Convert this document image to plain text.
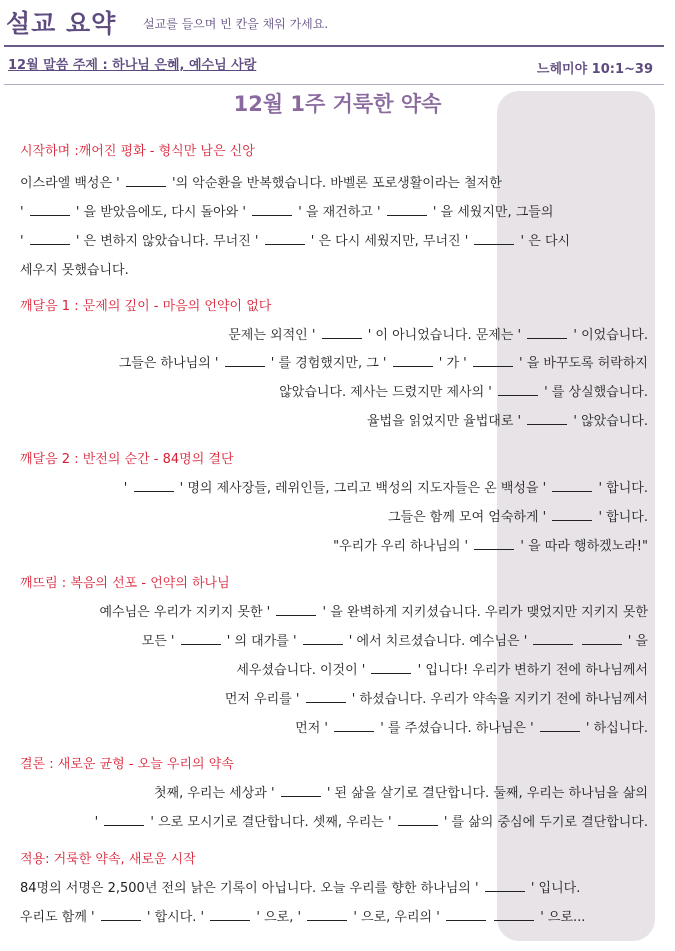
설교 요약 설교를 들으며 빈 칸을 채워 가세요.
12월 말씀 주제 : 하나님 은혜, 예수님 사랑	느헤미야 10:1~39
12월 1주 거룩한 약속
시작하며 :깨어진 평화 - 형식만 남은 신앙
이스라엘 백성은 '	'의 악순환을 반복했습니다. 바벨론 포로생활이라는 철저한
'	' 을 받았음에도, 다시 돌아와 '	' 을 재건하고 '	' 을 세웠지만, 그들의
'	' 은 변하지 않았습니다. 무너진 '	' 은 다시 세웠지만, 무너진 '	' 은 다시
세우지 못했습니다.
깨달음 1 : 문제의 깊이 - 마음의 언약이 없다
문제는 외적인 '	' 이 아니었습니다. 문제는 '	' 이었습니다.
그들은 하나님의 '	' 를 경험했지만, 그 '	' 가 '	' 을 바꾸도록 허락하지
않았습니다. 제사는 드렸지만 제사의 '	' 를 상실했습니다.
율법을 읽었지만 율법대로 '	' 않았습니다.
깨달음 2 : 반전의 순간 - 84명의 결단
'	' 명의 제사장들, 레위인들, 그리고 백성의 지도자들은 온 백성을 '	' 합니다.
그들은 함께 모여 엄숙하게 '	' 합니다.
"우리가 우리 하나님의 '	' 을 따라 행하겠노라!"
깨뜨림 : 복음의 선포 - 언약의 하나님
예수님은 우리가 지키지 못한 '	' 을 완벽하게 지키셨습니다. 우리가 맺었지만 지키지 못한
모든 '	' 의 대가를 '	' 에서 치르셨습니다. 예수님은 '	' 을
세우셨습니다. 이것이 '	' 입니다! 우리가 변하기 전에 하나님께서
먼저 우리를 '	' 하셨습니다. 우리가 약속을 지키기 전에 하나님께서
먼저 '	' 를 주셨습니다. 하나님은 '	' 하십니다.
결론 : 새로운 균형 - 오늘 우리의 약속
첫째, 우리는 세상과 '	' 된 삶을 살기로 결단합니다. 둘째, 우리는 하나님을 삶의
'	' 으로 모시기로 결단합니다. 셋째, 우리는 '	' 를 삶의 중심에 두기로 결단합니다.
적용: 거룩한 약속, 새로운 시작
84명의 서명은 2,500년 전의 낡은 기록이 아닙니다. 오늘 우리를 향한 하나님의 '	' 입니다.
우리도 함께 '	' 합시다. '	' 으로, '	' 으로, 우리의 '	' 으로...
